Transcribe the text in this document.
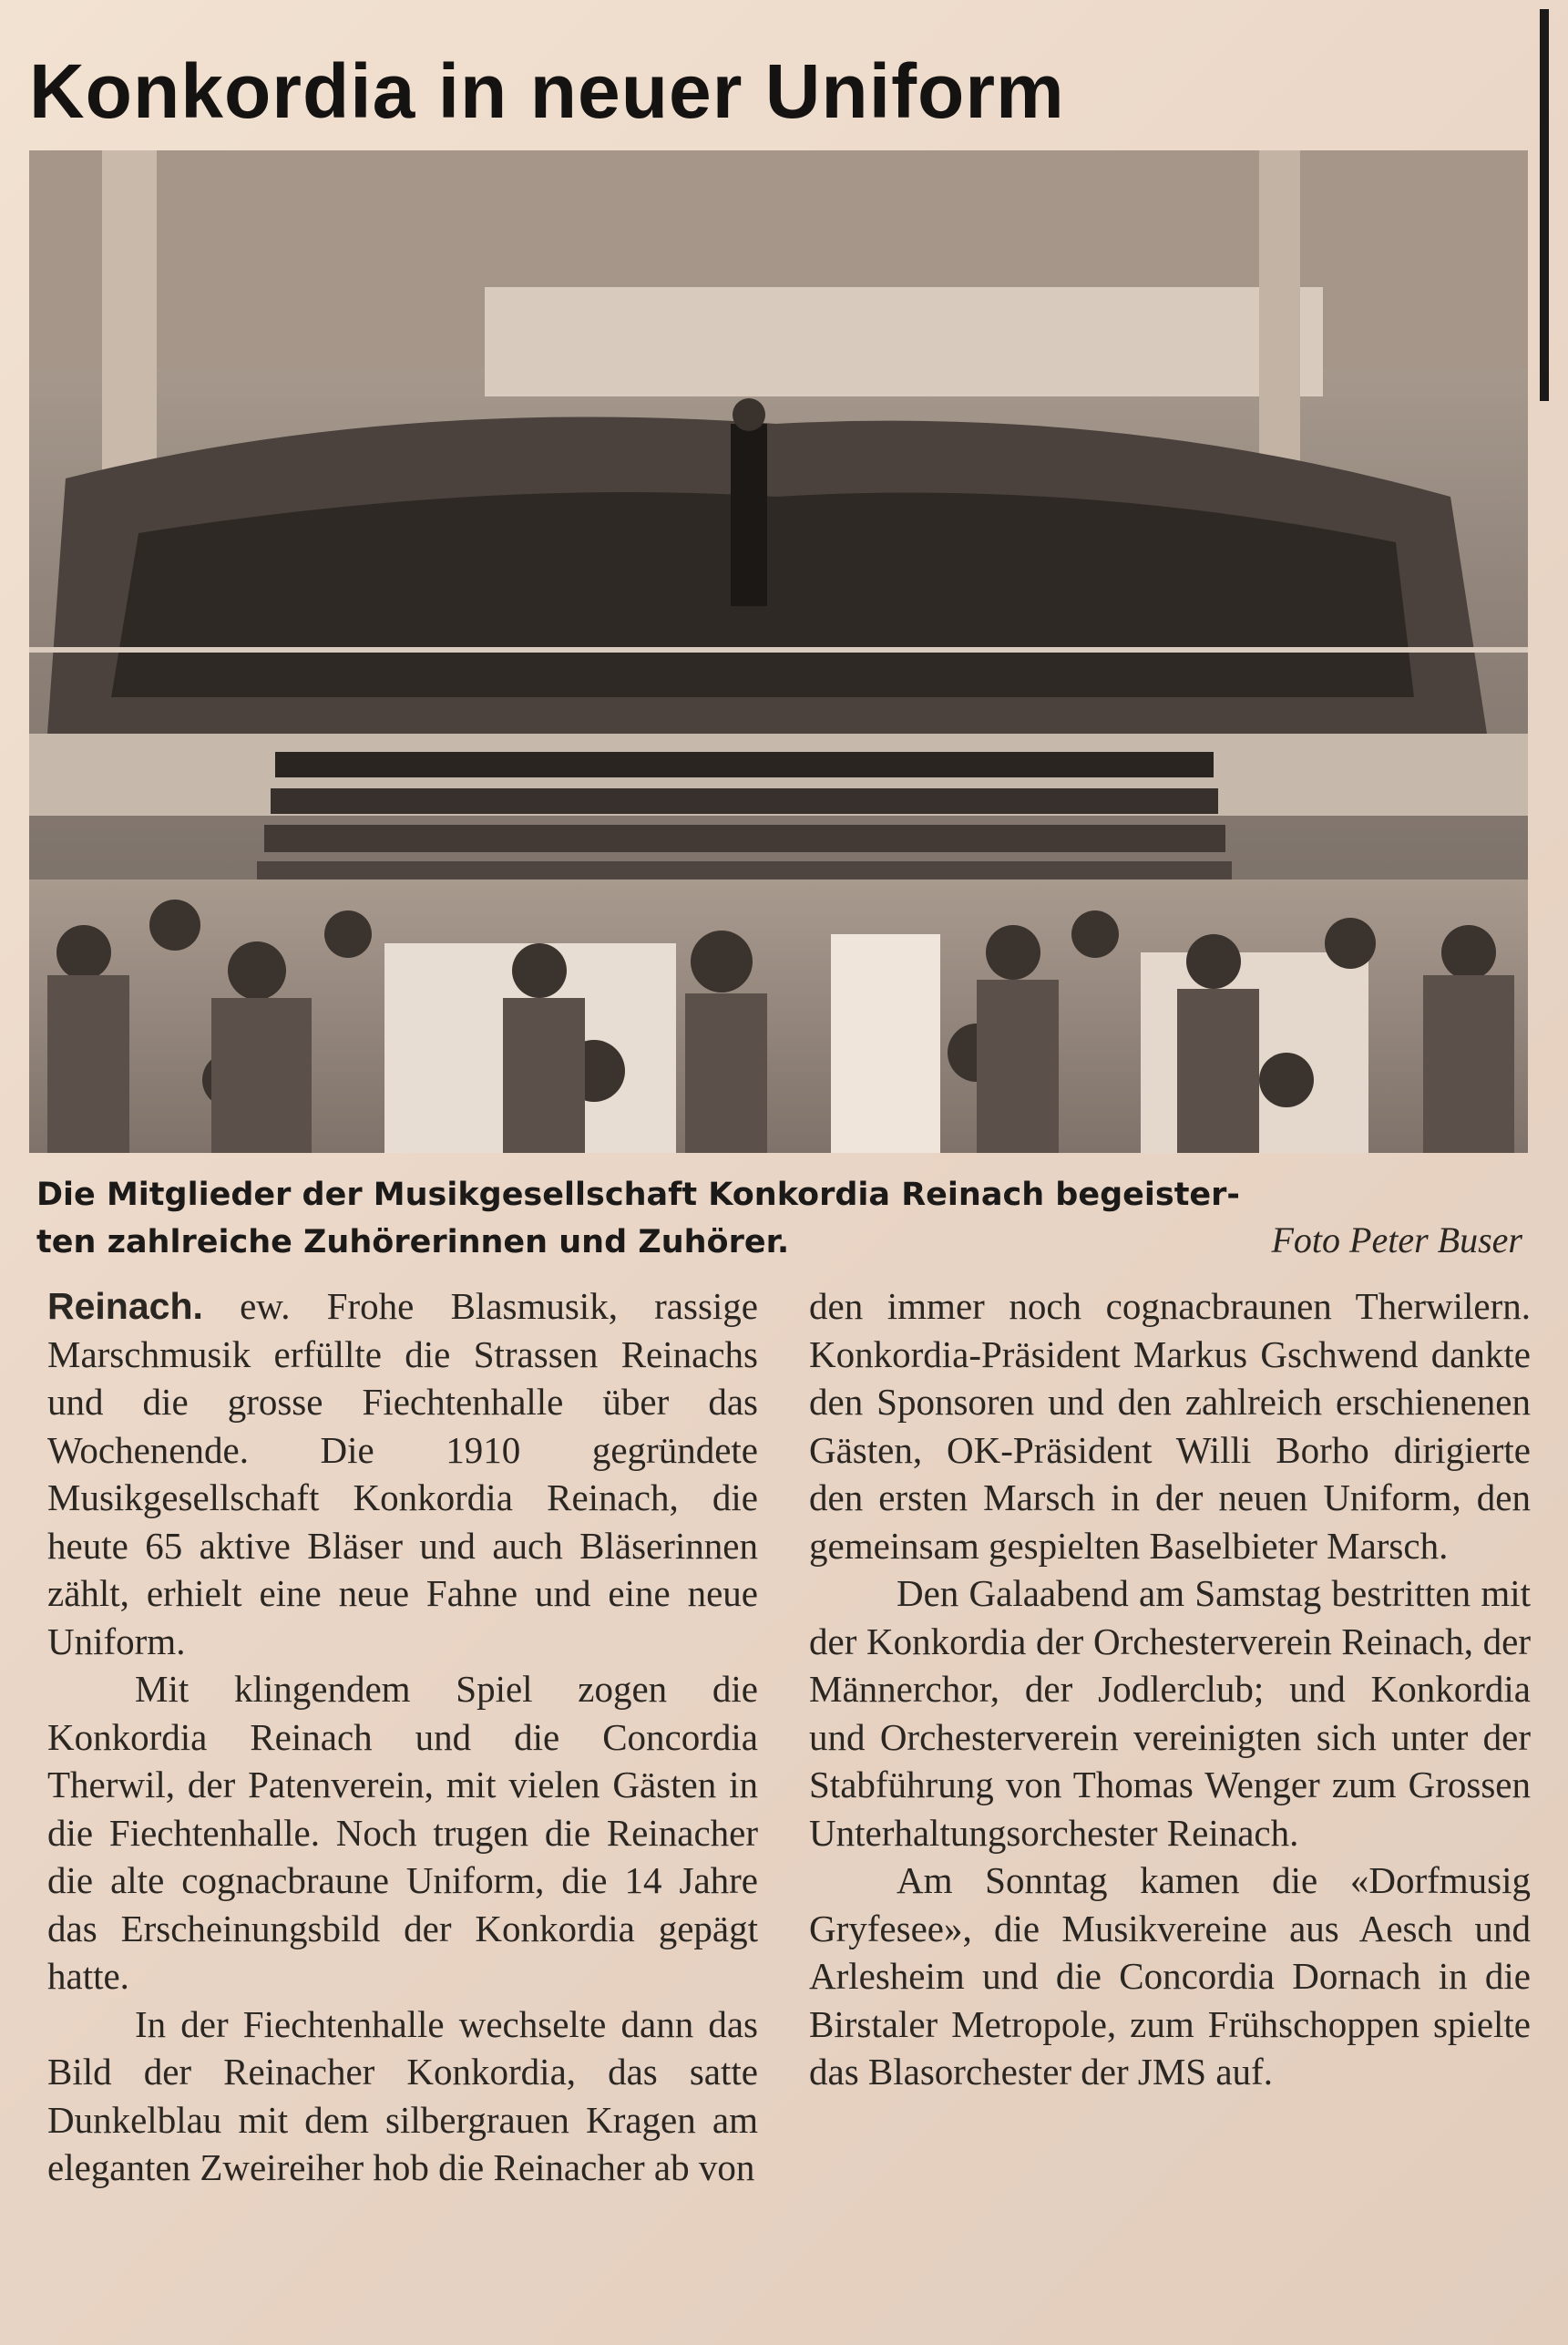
Konkordia in neuer Uniform
Die Mitglieder der Musikgesellschaft Konkordia Reinach begeister-
ten zahlreiche Zuhörerinnen und Zuhörer.	Foto Peter Buser

Reinach. ew. Frohe Blasmusik, rassige Marschmusik erfüllte die Strassen Reinachs und die grosse Fiechtenhalle über das Wochenende. Die 1910 gegründete Musikgesellschaft Konkordia Reinach, die heute 65 aktive Bläser und auch Bläserinnen zählt, erhielt eine neue Fahne und eine neue Uniform.

Mit klingendem Spiel zogen die Konkordia Reinach und die Concordia Therwil, der Patenverein, mit vielen Gästen in die Fiechtenhalle. Noch trugen die Reinacher die alte cognacbraune Uniform, die 14 Jahre das Erscheinungsbild der Konkordia gepägt hatte.

In der Fiechtenhalle wechselte dann das Bild der Reinacher Konkordia, das satte Dunkelblau mit dem silbergrauen Kragen am eleganten Zweireiher hob die Reinacher ab von

den immer noch cognacbraunen Therwilern. Konkordia-Präsident Markus Gschwend dankte den Sponsoren und den zahlreich erschienenen Gästen, OK-Präsident Willi Borho dirigierte den ersten Marsch in der neuen Uniform, den gemeinsam gespielten Baselbieter Marsch.

Den Galaabend am Samstag bestritten mit der Konkordia der Orchesterverein Reinach, der Männerchor, der Jodlerclub; und Konkordia und Orchesterverein vereinigten sich unter der Stabführung von Thomas Wenger zum Grossen Unterhaltungsorchester Reinach.

Am Sonntag kamen die «Dorfmusig Gryfesee», die Musikvereine aus Aesch und Arlesheim und die Concordia Dornach in die Birstaler Metropole, zum Frühschoppen spielte das Blasorchester der JMS auf.
